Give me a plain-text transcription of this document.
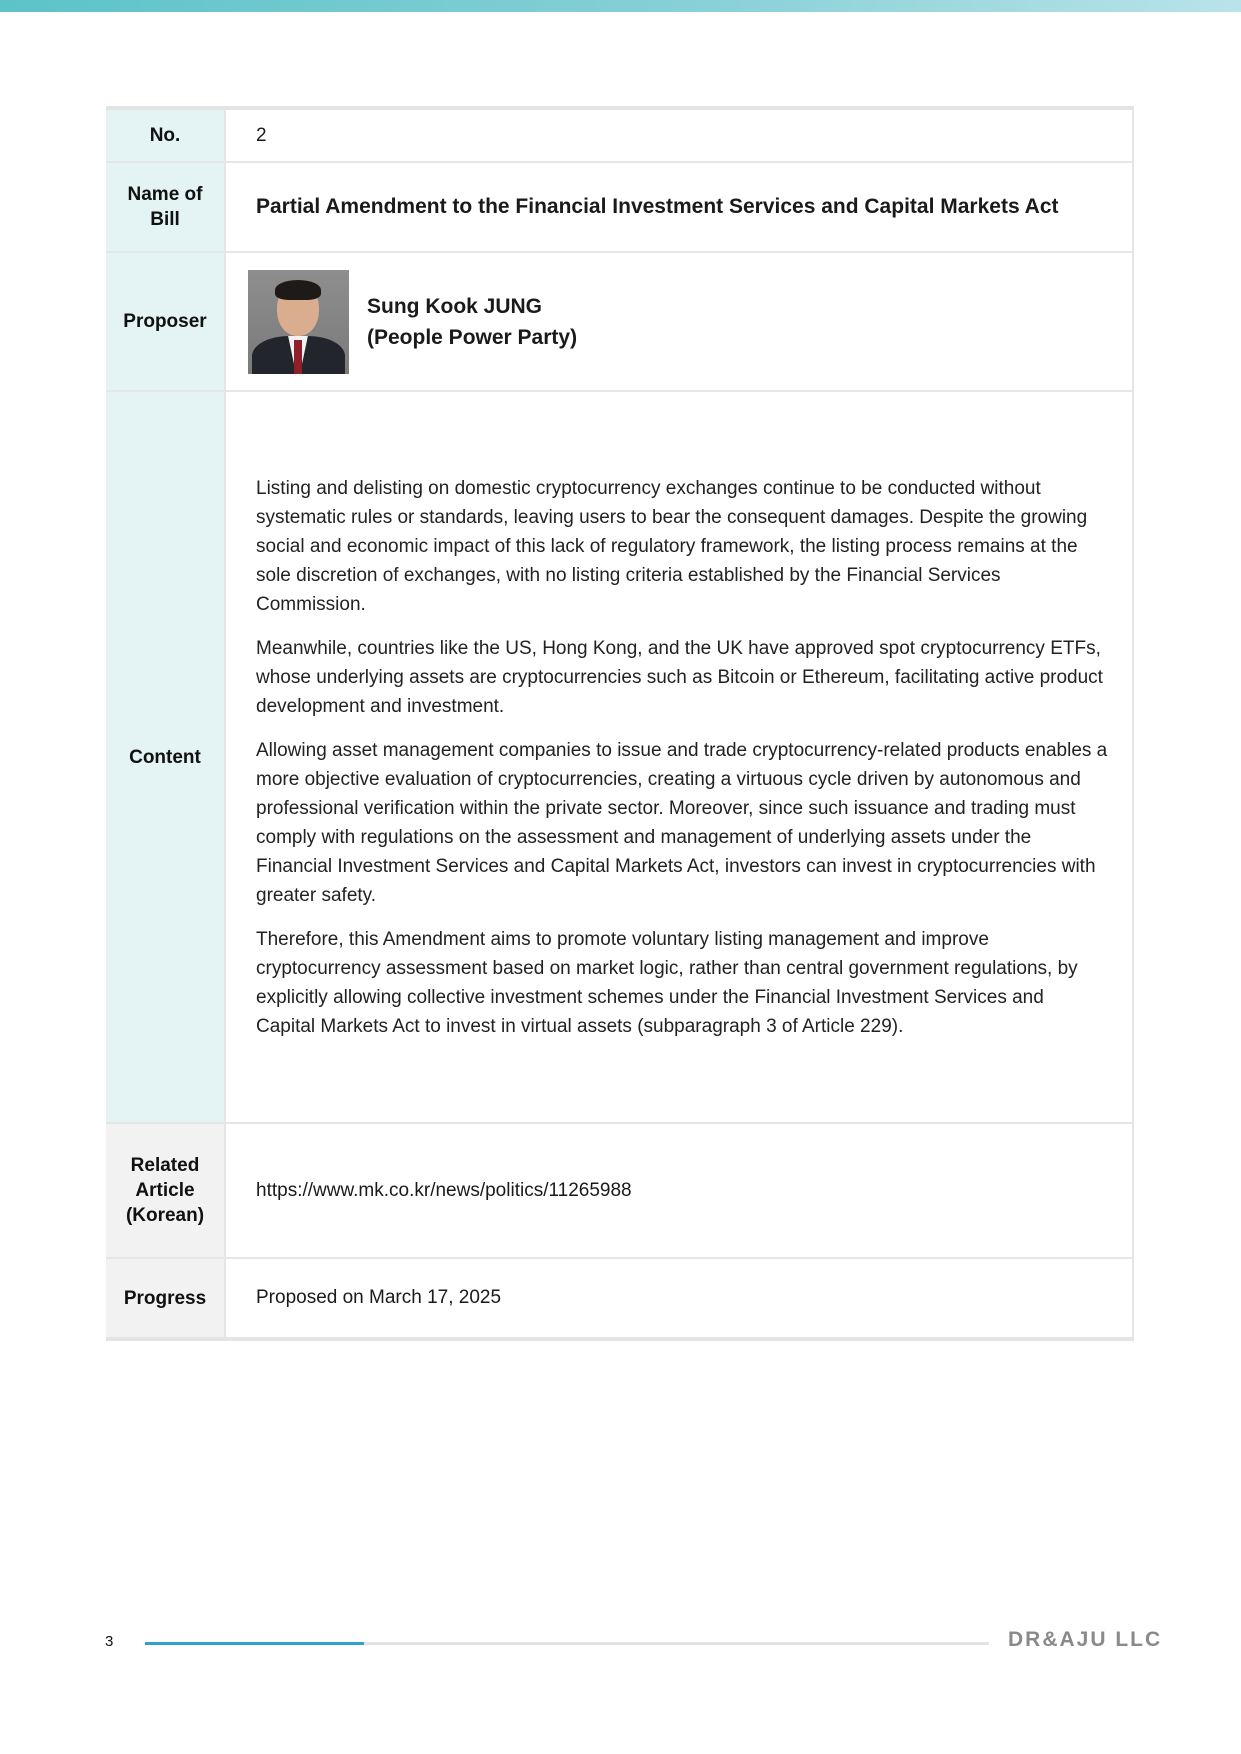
No.	2
Name of Bill	Partial Amendment to the Financial Investment Services and Capital Markets Act
Proposer	Sung Kook JUNG
(People Power Party)

Content	Listing and delisting on domestic cryptocurrency exchanges continue to be conducted without systematic rules or standards, leaving users to bear the consequent damages. Despite the growing social and economic impact of this lack of regulatory framework, the listing process remains at the sole discretion of exchanges, with no listing criteria established by the Financial Services Commission.

Meanwhile, countries like the US, Hong Kong, and the UK have approved spot cryptocurrency ETFs, whose underlying assets are cryptocurrencies such as Bitcoin or Ethereum, facilitating active product development and investment.

Allowing asset management companies to issue and trade cryptocurrency-related products enables a more objective evaluation of cryptocurrencies, creating a virtuous cycle driven by autonomous and professional verification within the private sector. Moreover, since such issuance and trading must comply with regulations on the assessment and management of underlying assets under the Financial Investment Services and Capital Markets Act, investors can invest in cryptocurrencies with greater safety.

Therefore, this Amendment aims to promote voluntary listing management and improve cryptocurrency assessment based on market logic, rather than central government regulations, by explicitly allowing collective investment schemes under the Financial Investment Services and Capital Markets Act to invest in virtual assets (subparagraph 3 of Article 229).

Related Article (Korean)	https://www.mk.co.kr/news/politics/11265988
Progress	Proposed on March 17, 2025
3	DR&AJU LLC
